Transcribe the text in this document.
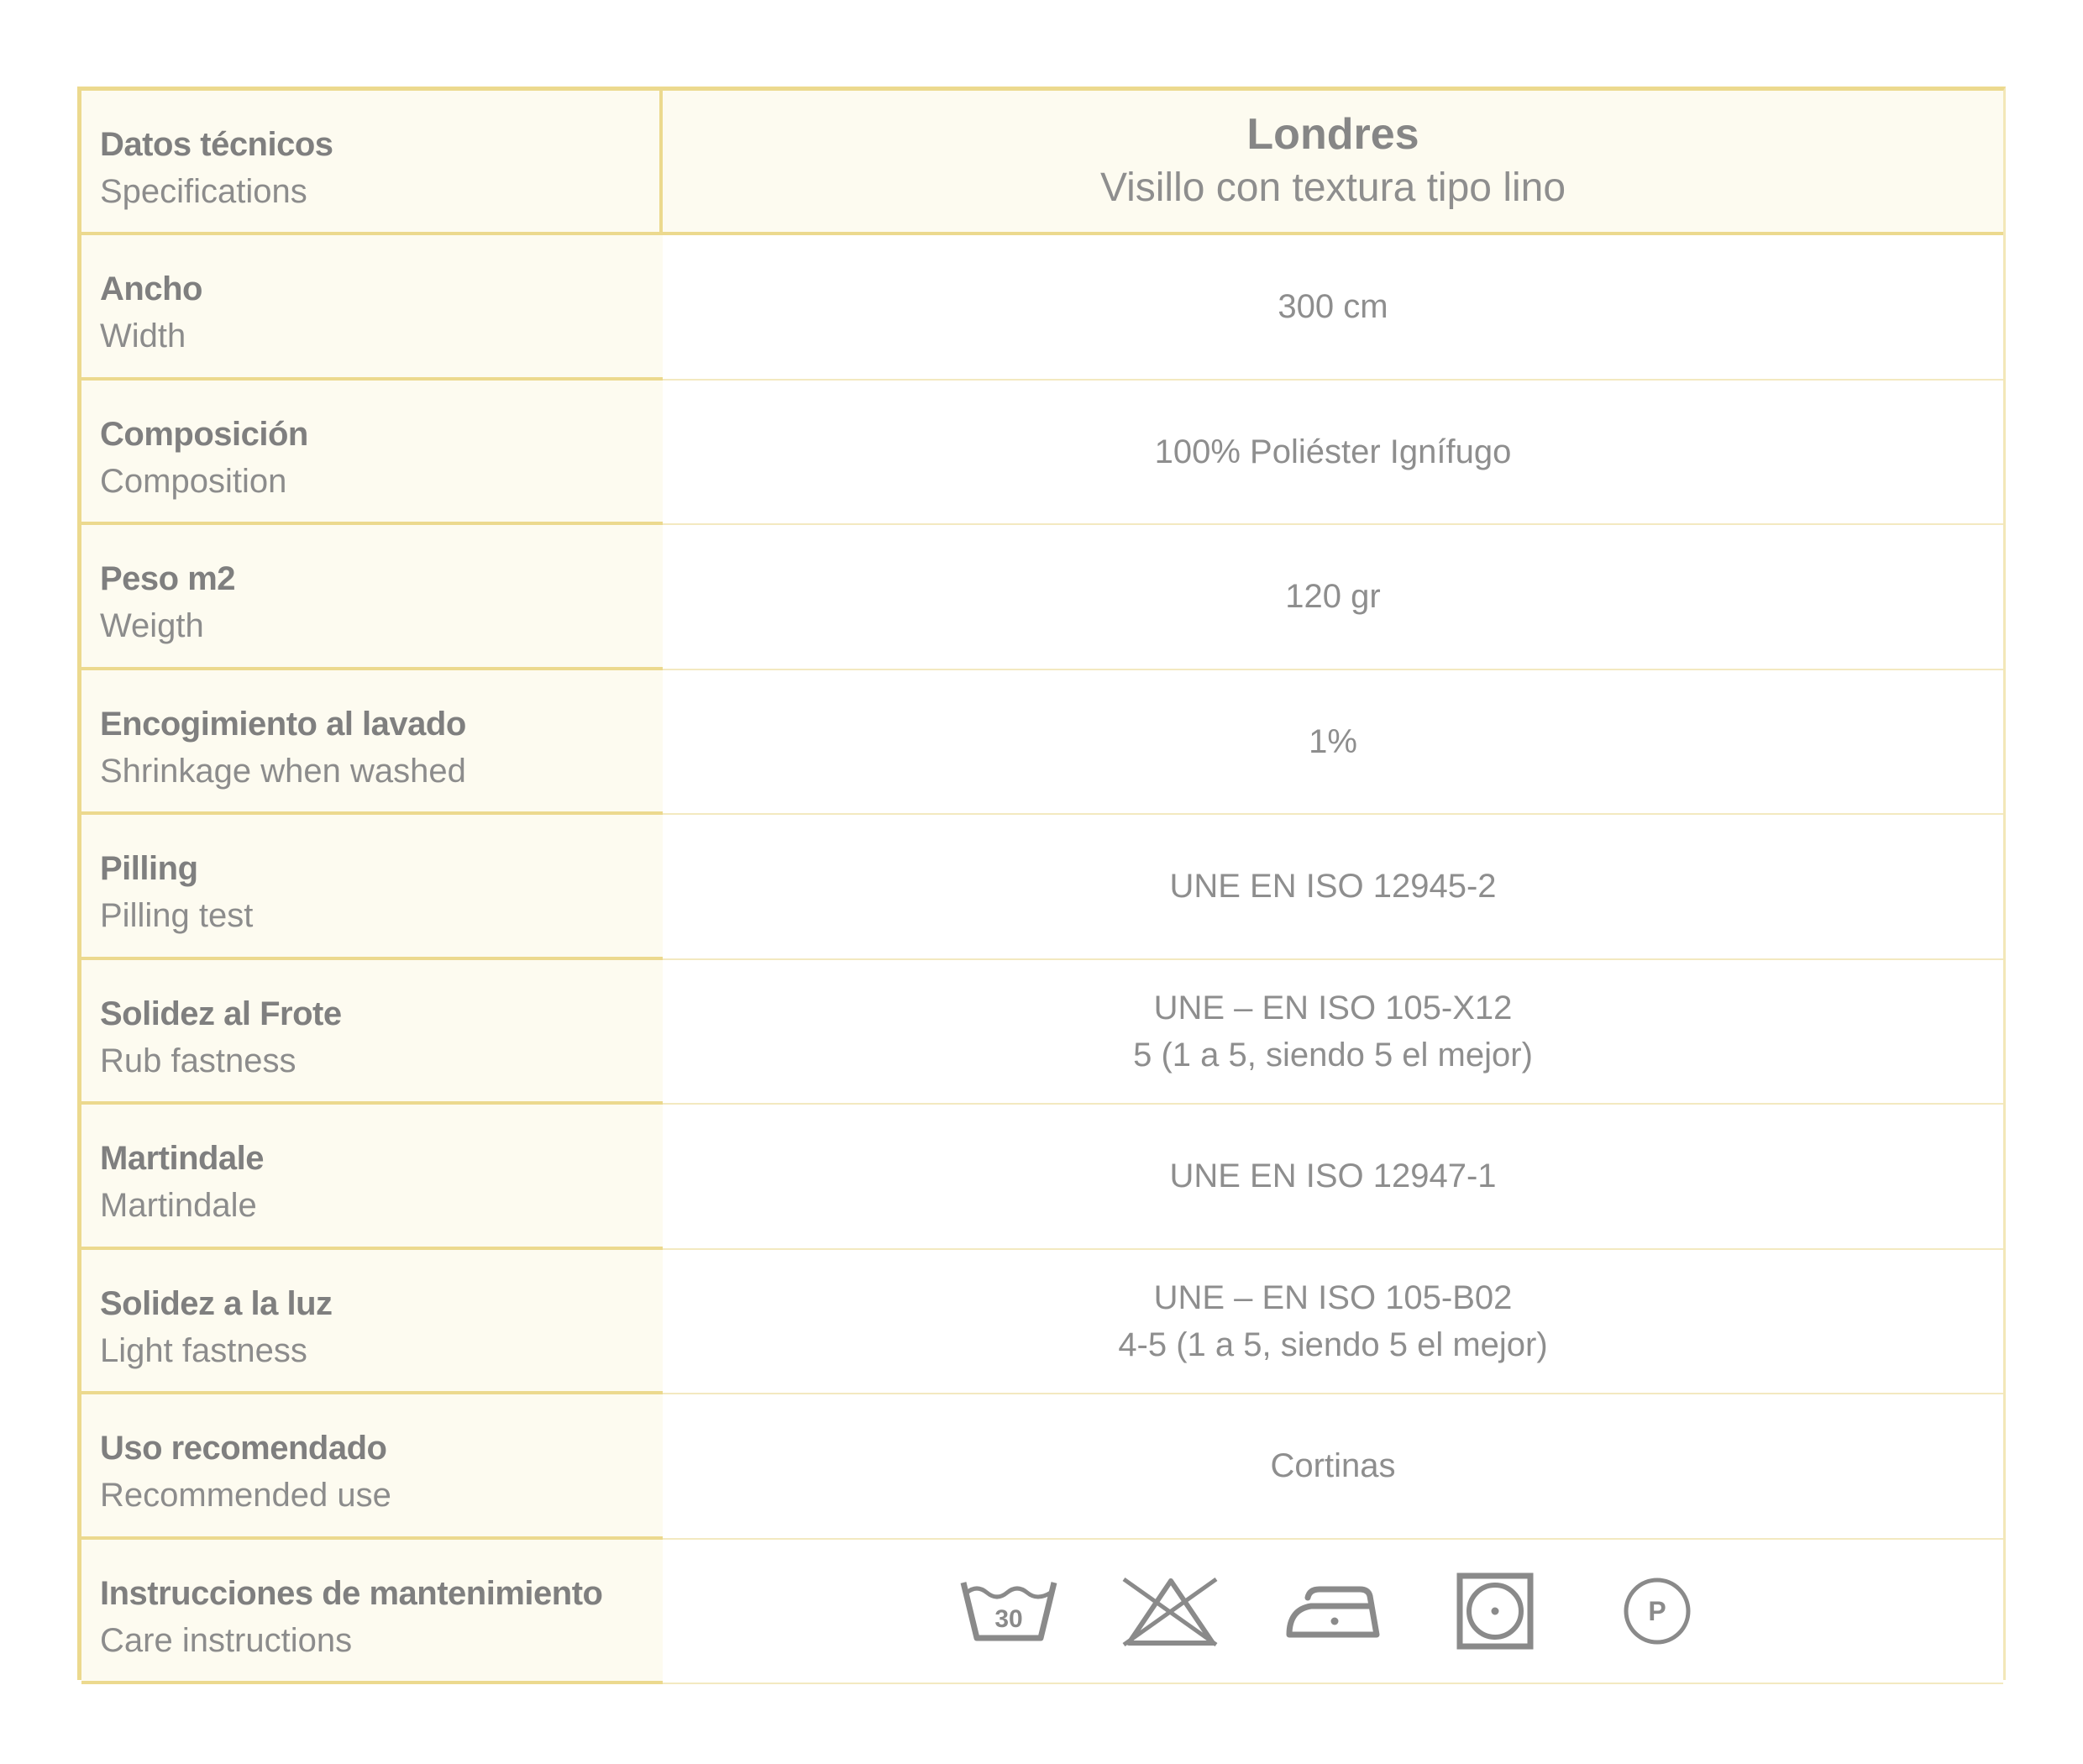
Datos técnicos
Specifications
Londres
Visillo con textura tipo lino
Ancho
Width
300 cm
Composición
Composition
100% Poliéster Ignífugo
Peso m2
Weigth
120 gr
Encogimiento al lavado
Shrinkage when washed
1%
Pilling
Pilling test
UNE EN ISO 12945-2
Solidez al Frote
Rub fastness
UNE – EN ISO 105-X12
5 (1 a 5, siendo 5 el mejor)
Martindale
Martindale
UNE EN ISO 12947-1
Solidez a la luz
Light fastness
UNE – EN ISO 105-B02
4-5 (1 a 5, siendo 5 el mejor)
Uso recomendado
Recommended use
Cortinas
Instrucciones de mantenimiento
Care instructions
30	P
